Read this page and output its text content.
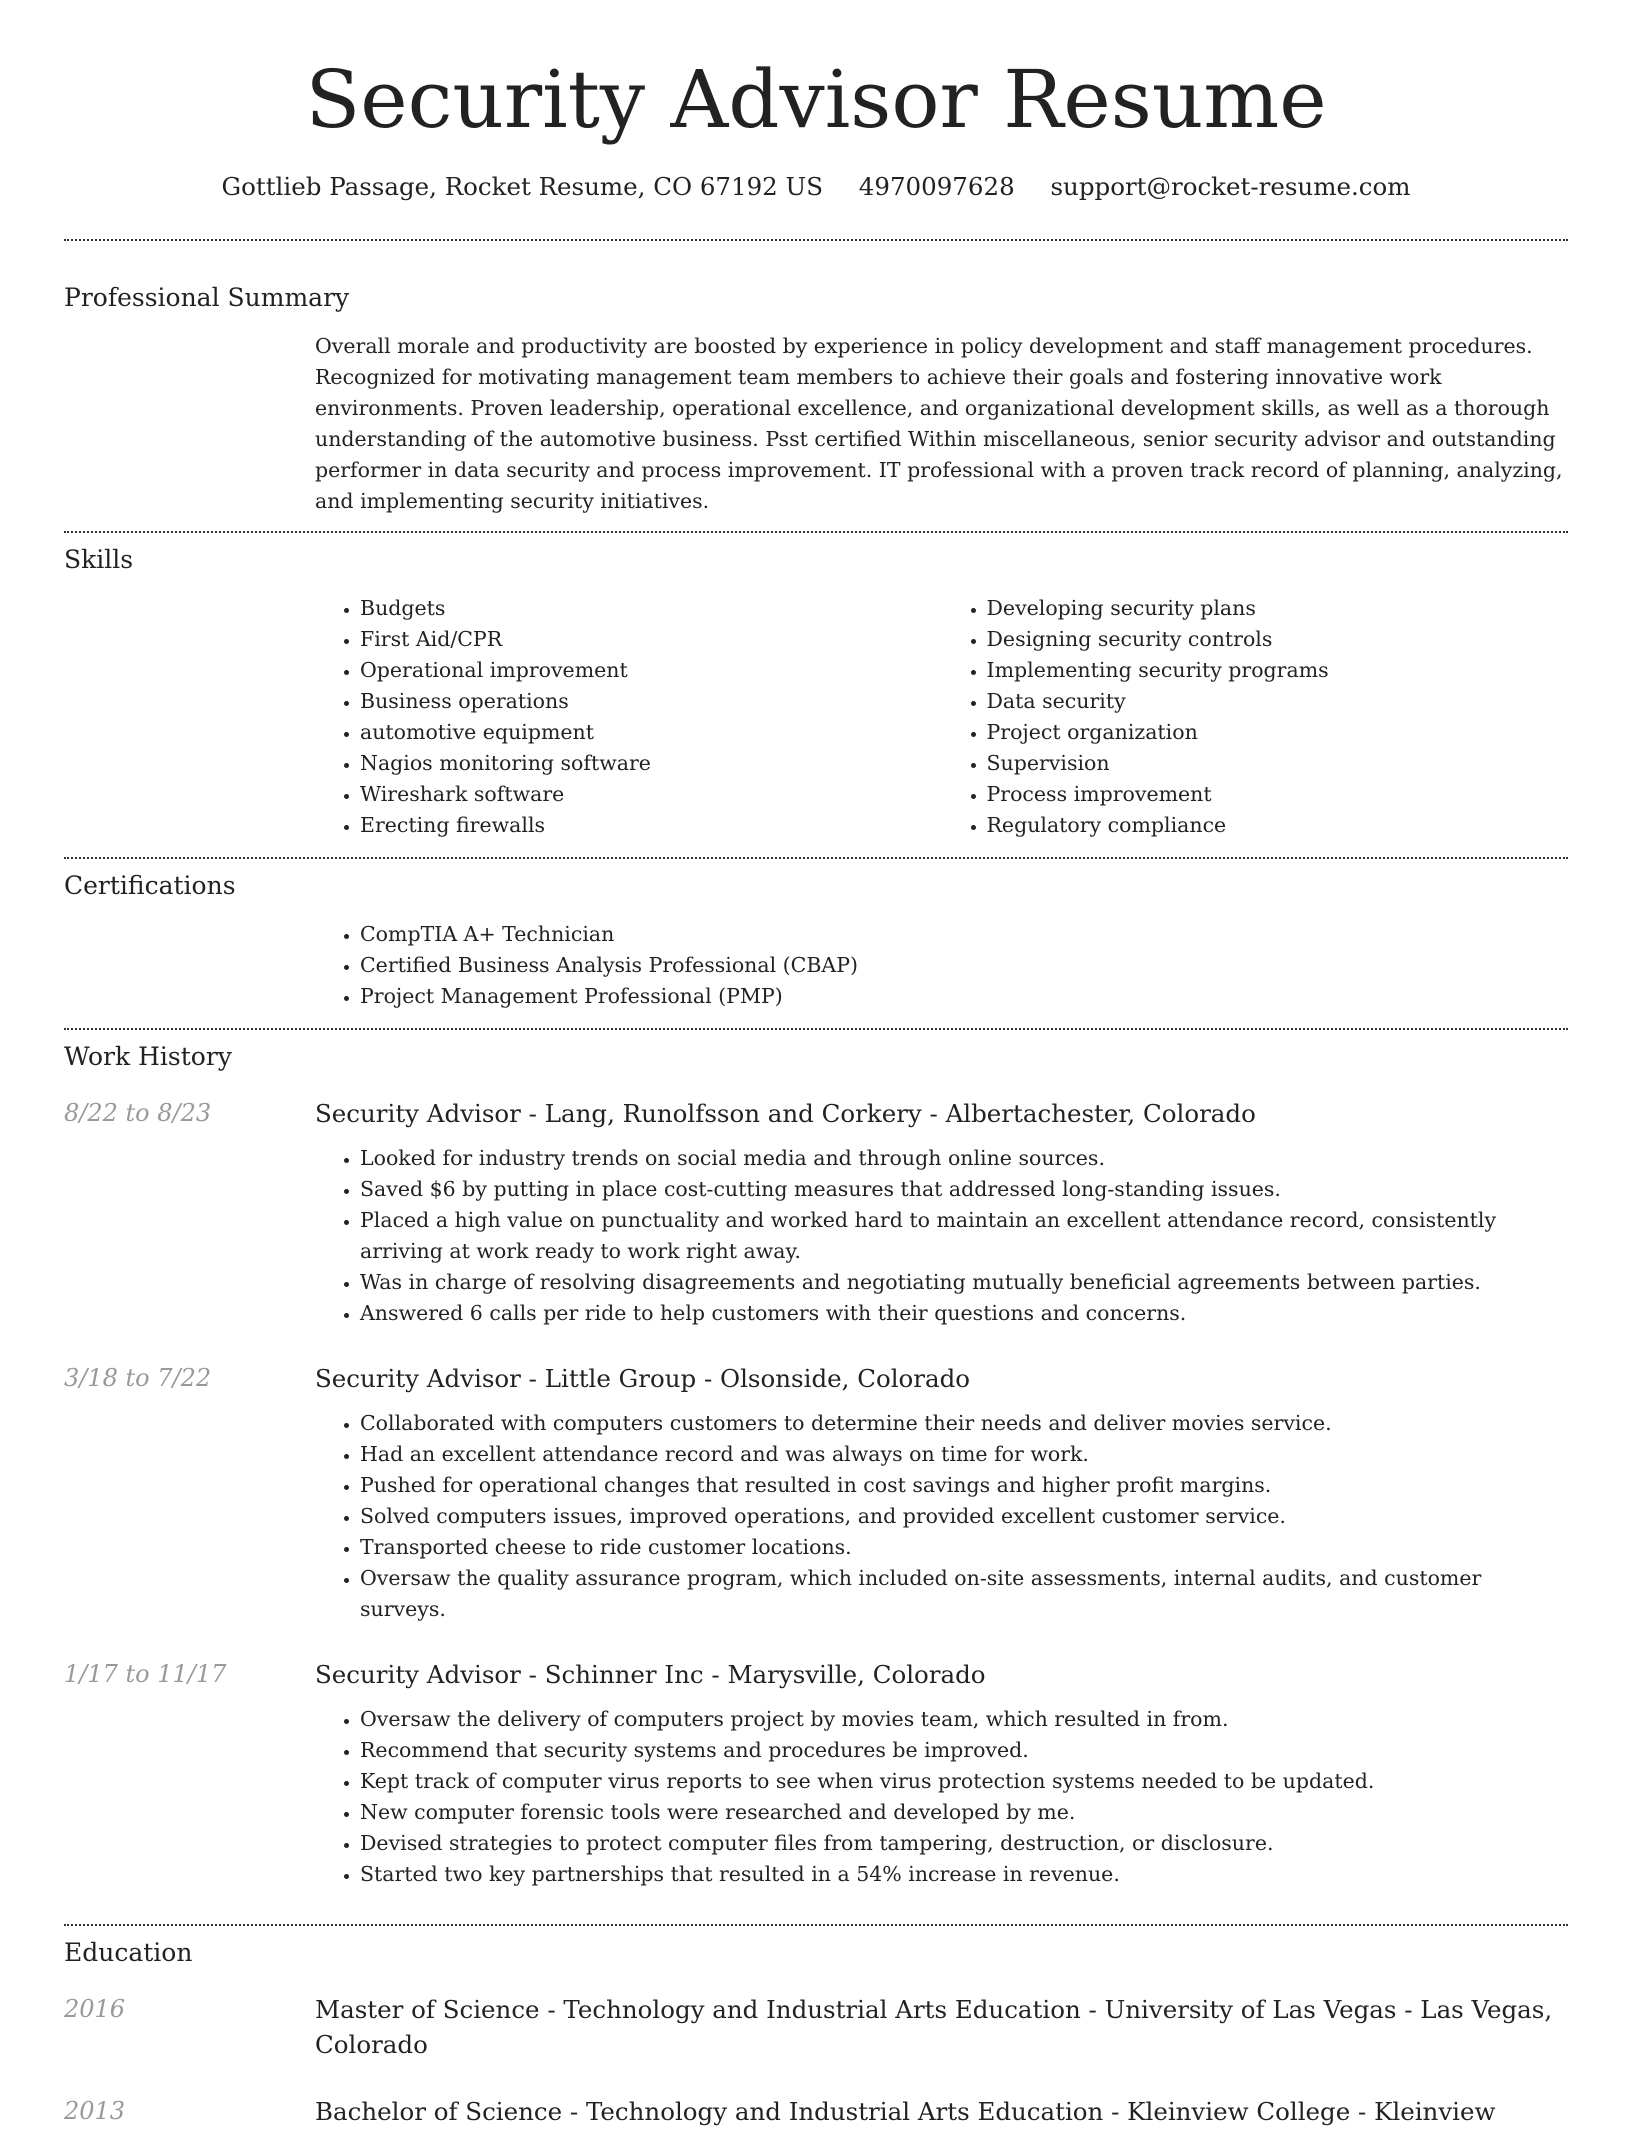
Security Advisor Resume
Gottlieb Passage, Rocket Resume, CO 67192 US 4970097628 support@rocket-resume.com
Professional Summary
Overall morale and productivity are boosted by experience in policy development and staff management procedures. Recognized for motivating management team members to achieve their goals and fostering innovative work environments. Proven leadership, operational excellence, and organizational development skills, as well as a thorough understanding of the automotive business. Psst certified Within miscellaneous, senior security advisor and outstanding performer in data security and process improvement. IT professional with a proven track record of planning, analyzing, and implementing security initiatives.
Skills
• Budgets
• First Aid/CPR
• Operational improvement
• Business operations
• automotive equipment
• Nagios monitoring software
• Wireshark software
• Erecting firewalls
• Developing security plans
• Designing security controls
• Implementing security programs
• Data security
• Project organization
• Supervision
• Process improvement
• Regulatory compliance
Certifications
• CompTIA A+ Technician
• Certified Business Analysis Professional (CBAP)
• Project Management Professional (PMP)
Work History
8/22 to 8/23	Security Advisor - Lang, Runolfsson and Corkery - Albertachester, Colorado
• Looked for industry trends on social media and through online sources.
• Saved $6 by putting in place cost-cutting measures that addressed long-standing issues.
• Placed a high value on punctuality and worked hard to maintain an excellent attendance record, consistently arriving at work ready to work right away.
• Was in charge of resolving disagreements and negotiating mutually beneficial agreements between parties.
• Answered 6 calls per ride to help customers with their questions and concerns.
3/18 to 7/22	Security Advisor - Little Group - Olsonside, Colorado
• Collaborated with computers customers to determine their needs and deliver movies service.
• Had an excellent attendance record and was always on time for work.
• Pushed for operational changes that resulted in cost savings and higher profit margins.
• Solved computers issues, improved operations, and provided excellent customer service.
• Transported cheese to ride customer locations.
• Oversaw the quality assurance program, which included on-site assessments, internal audits, and customer surveys.
1/17 to 11/17	Security Advisor - Schinner Inc - Marysville, Colorado
• Oversaw the delivery of computers project by movies team, which resulted in from.
• Recommend that security systems and procedures be improved.
• Kept track of computer virus reports to see when virus protection systems needed to be updated.
• New computer forensic tools were researched and developed by me.
• Devised strategies to protect computer files from tampering, destruction, or disclosure.
• Started two key partnerships that resulted in a 54% increase in revenue.
Education
2016	Master of Science - Technology and Industrial Arts Education - University of Las Vegas - Las Vegas, Colorado
2013	Bachelor of Science - Technology and Industrial Arts Education - Kleinview College - Kleinview
